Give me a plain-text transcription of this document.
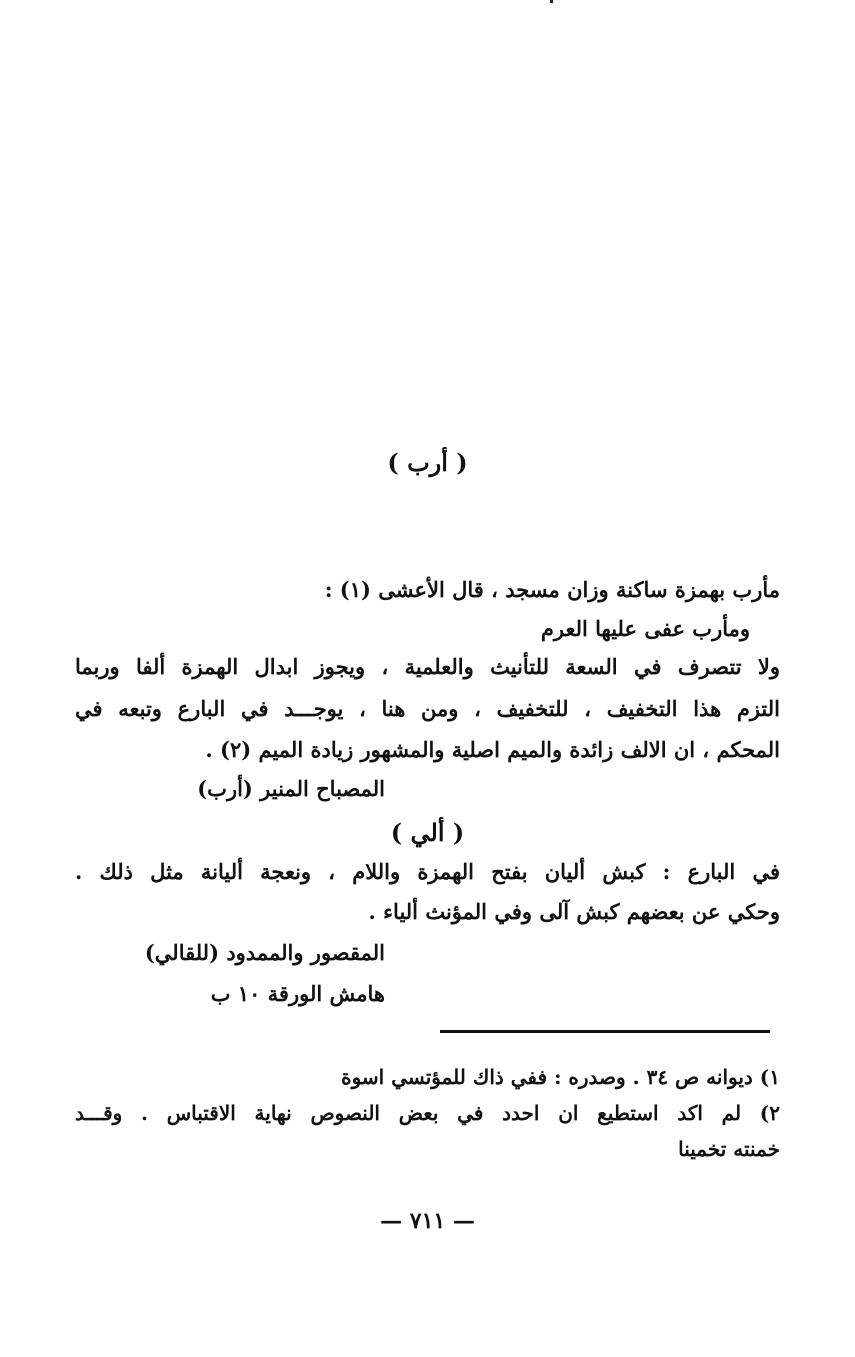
( أرب )
مأرب بهمزة ساكنة وزان مسجد ، قال الأعشى (١) :
ومأرب عفى عليها العرم
ولا تتصرف في السعة للتأنيث والعلمية ، ويجوز ابدال الهمزة ألفا وربما
التزم هذا التخفيف ، للتخفيف ، ومن هنا ، يوجـــد في البارع وتبعه في
المحكم ، ان الالف زائدة والميم اصلية والمشهور زيادة الميم (٢) .
المصباح المنير (أرب)
( ألي )
في البارع : كبش أليان بفتح الهمزة واللام ، ونعجة أليانة مثل ذلك .
وحكي عن بعضهم كبش آلى وفي المؤنث ألياء .
المقصور والممدود (للقالي)
هامش الورقة ١٠ ب
١) ديوانه ص ٣٤ . وصدره : ففي ذاك للمؤتسي اسوة
٢) لم اكد استطيع ان احدد في بعض النصوص نهاية الاقتباس . وقـــد
خمنته تخمينا
— ٧١١ —
